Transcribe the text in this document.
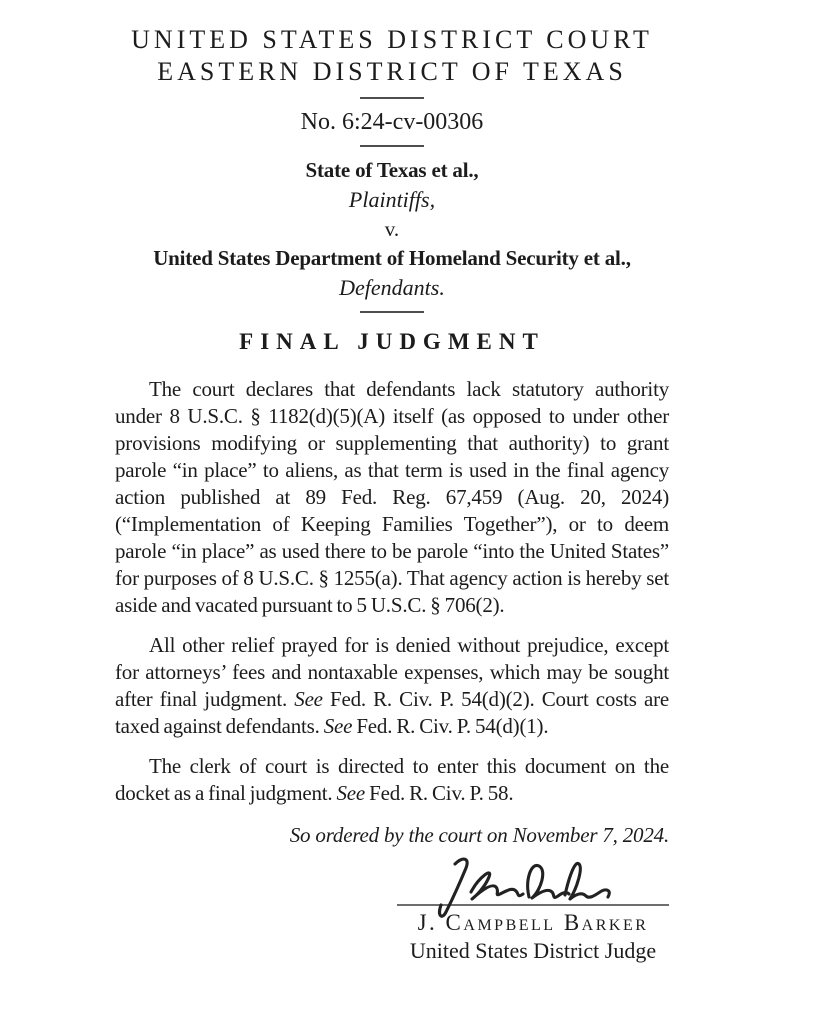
UNITED STATES DISTRICT COURT
EASTERN DISTRICT OF TEXAS
No. 6:24-cv-00306
State of Texas et al.,
Plaintiffs,
v.
United States Department of Homeland Security et al.,
Defendants.
FINAL JUDGMENT

The court declares that defendants lack statutory authority under 8 U.S.C. § 1182(d)(5)(A) itself (as opposed to under other provisions modifying or supplementing that authority) to grant parole “in place” to aliens, as that term is used in the final agency action published at 89 Fed. Reg. 67,459 (Aug. 20, 2024) (“Implementation of Keeping Families Together”), or to deem parole “in place” as used there to be parole “into the United States” for purposes of 8 U.S.C. § 1255(a). That agency action is hereby set aside and vacated pursuant to 5 U.S.C. § 706(2).

All other relief prayed for is denied without prejudice, except for attorneys’ fees and nontaxable expenses, which may be sought after final judgment. See Fed. R. Civ. P. 54(d)(2). Court costs are taxed against defendants. See Fed. R. Civ. P. 54(d)(1).

The clerk of court is directed to enter this document on the docket as a final judgment. See Fed. R. Civ. P. 58.

So ordered by the court on November 7, 2024.
J. Campbell Barker
United States District Judge
